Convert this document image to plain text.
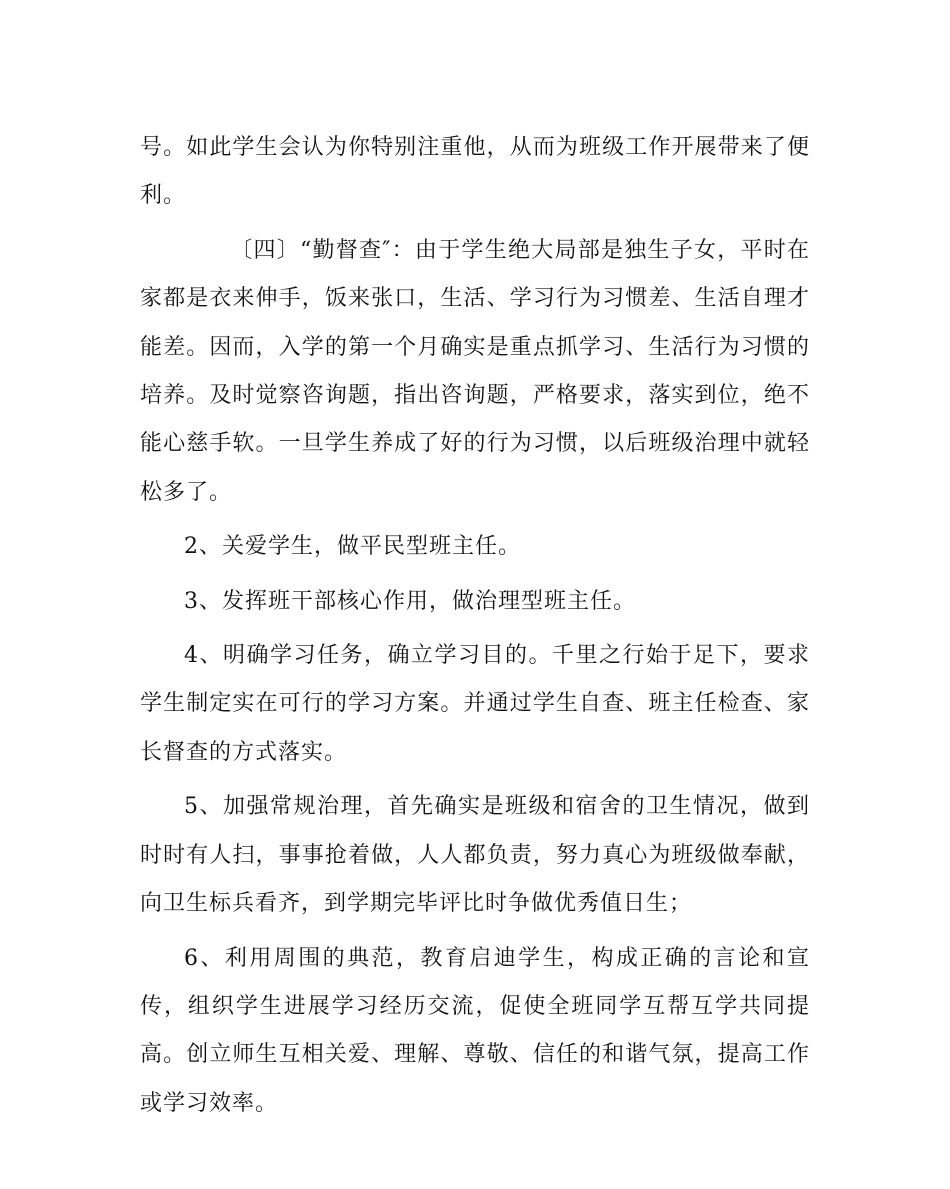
号。如此学生会认为你特别注重他，从而为班级工作开展带来了便利。

〔四〕“勤督查″：由于学生绝大局部是独生子女，平时在家都是衣来伸手，饭来张口，生活、学习行为习惯差、生活自理才能差。因而，入学的第一个月确实是重点抓学习、生活行为习惯的培养。及时觉察咨询题，指出咨询题，严格要求，落实到位，绝不能心慈手软。一旦学生养成了好的行为习惯，以后班级治理中就轻松多了。

2、关爱学生，做平民型班主任。

3、发挥班干部核心作用，做治理型班主任。

4、明确学习任务，确立学习目的。千里之行始于足下，要求学生制定实在可行的学习方案。并通过学生自查、班主任检查、家长督查的方式落实。

5、加强常规治理，首先确实是班级和宿舍的卫生情况，做到时时有人扫，事事抢着做，人人都负责，努力真心为班级做奉献，向卫生标兵看齐，到学期完毕评比时争做优秀值日生；

6、利用周围的典范，教育启迪学生，构成正确的言论和宣传，组织学生进展学习经历交流，促使全班同学互帮互学共同提高。创立师生互相关爱、理解、尊敬、信任的和谐气氛，提高工作或学习效率。
